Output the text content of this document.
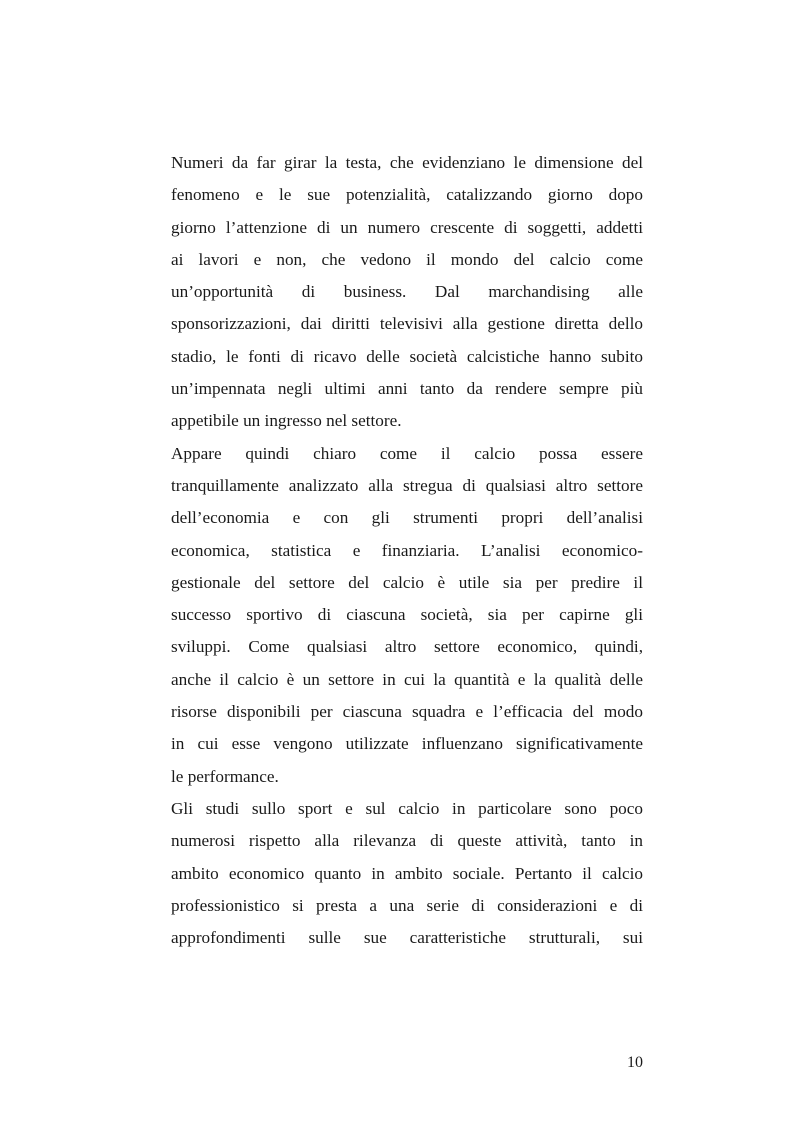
Numeri da far girar la testa, che evidenziano le dimensione del
fenomeno e le sue potenzialità, catalizzando giorno dopo
giorno l’attenzione di un numero crescente di soggetti, addetti
ai lavori e non, che vedono il mondo del calcio come
un’opportunità di business. Dal marchandising alle
sponsorizzazioni, dai diritti televisivi alla gestione diretta dello
stadio, le fonti di ricavo delle società calcistiche hanno subito
un’impennata negli ultimi anni tanto da rendere sempre più
appetibile un ingresso nel settore.
Appare quindi chiaro come il calcio possa essere
tranquillamente analizzato alla stregua di qualsiasi altro settore
dell’economia e con gli strumenti propri dell’analisi
economica, statistica e finanziaria. L’analisi economico-
gestionale del settore del calcio è utile sia per predire il
successo sportivo di ciascuna società, sia per capirne gli
sviluppi. Come qualsiasi altro settore economico, quindi,
anche il calcio è un settore in cui la quantità e la qualità delle
risorse disponibili per ciascuna squadra e l’efficacia del modo
in cui esse vengono utilizzate influenzano significativamente
le performance.
Gli studi sullo sport e sul calcio in particolare sono poco
numerosi rispetto alla rilevanza di queste attività, tanto in
ambito economico quanto in ambito sociale. Pertanto il calcio
professionistico si presta a una serie di considerazioni e di
approfondimenti sulle sue caratteristiche strutturali, sui
10
